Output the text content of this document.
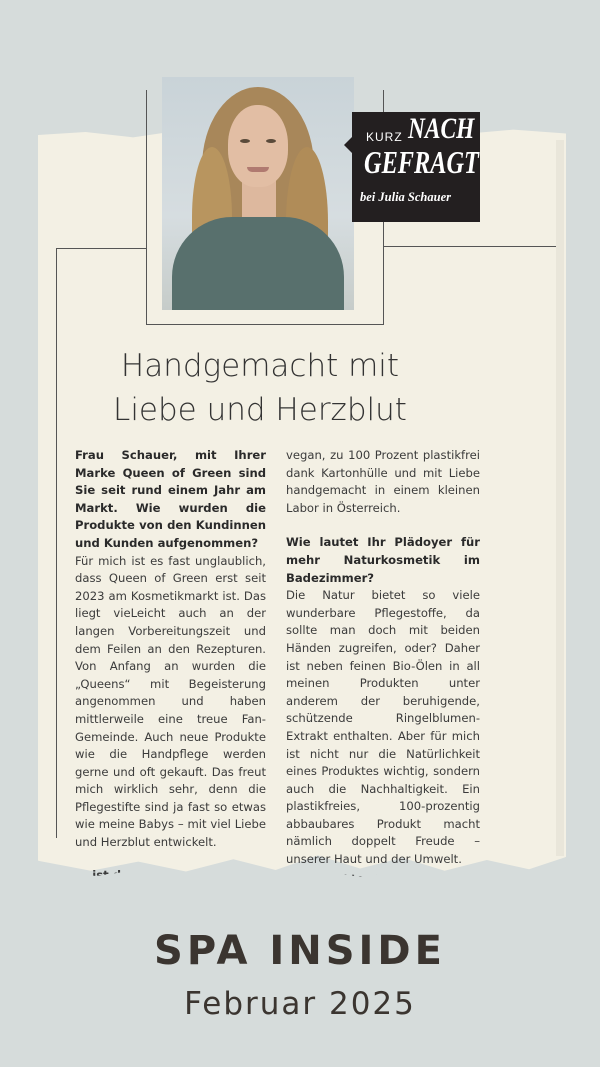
KURZ NACH
GEFRAGT
bei Julia Schauer
Handgemacht mit
Liebe und Herzblut

Frau Schauer, mit Ihrer Marke Queen of Green sind Sie seit rund einem Jahr am Markt. Wie wurden die Produkte von den Kundinnen und Kunden aufgenommen?

Für mich ist es fast unglaublich, dass Queen of Green erst seit 2023 am Kosmetikmarkt ist. Das liegt vieLeicht auch an der langen Vorbereitungszeit und dem Feilen an den Rezepturen. Von Anfang an wurden die „Queens“ mit Begeisterung angenommen und haben mittlerweile eine treue Fan-Gemeinde. Auch neue Produkte wie die Handpflege werden gerne und oft gekauft. Das freut mich wirklich sehr, denn die Pflegestifte sind ja fast so etwas wie meine Babys – mit viel Liebe und Herzblut entwickelt.

vegan, zu 100 Prozent plastikfrei dank Kartonhülle und mit Liebe handgemacht in einem kleinen Labor in Österreich.

Wie lautet Ihr Plädoyer für mehr Naturkosmetik im Badezimmer?

Die Natur bietet so viele wunderbare Pflegestoffe, da sollte man doch mit beiden Händen zugreifen, oder? Daher ist neben feinen Bio-Ölen in all meinen Produkten unter anderem der beruhigende, schützende Ringelblumen-Extrakt enthalten. Aber für mich ist nicht nur die Natürlichkeit eines Produktes wichtig, sondern auch die Nachhaltigkeit. Ein plastikfreies, 100-prozentig abbaubares Produkt macht nämlich doppelt Freude – unserer Haut und der Umwelt.

SPA INSIDE
Februar 2025
